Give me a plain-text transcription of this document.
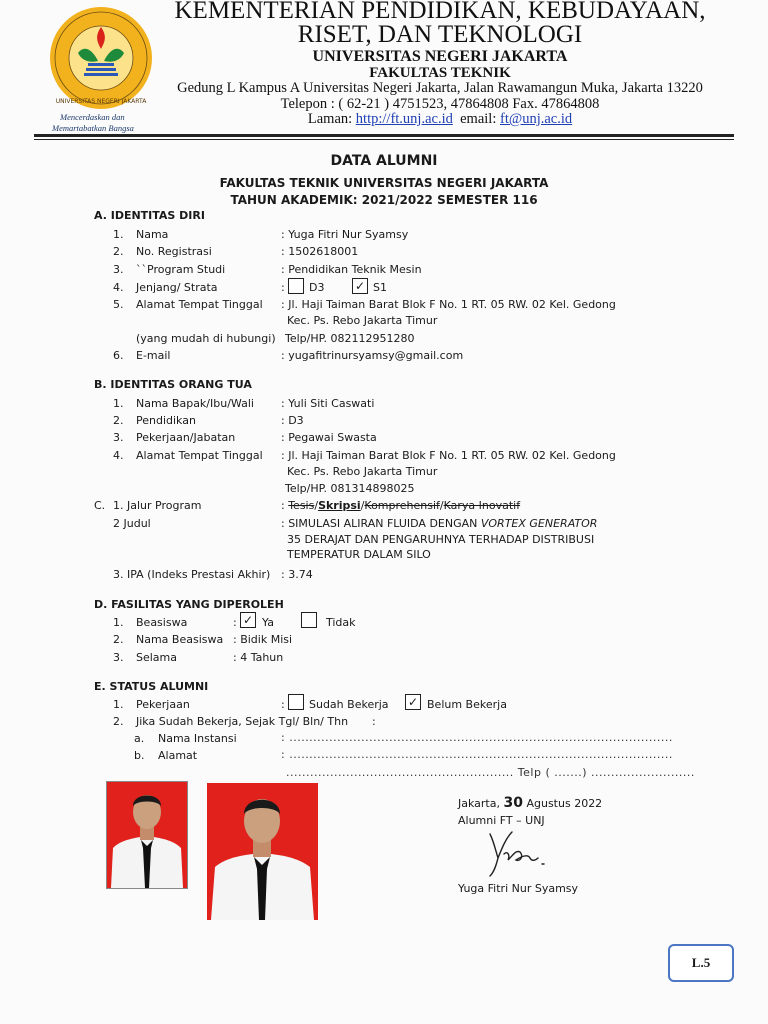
UNIVERSITAS NEGERI JAKARTA
Mencerdaskan dan
Memartabatkan Bangsa
KEMENTERIAN PENDIDIKAN, KEBUDAYAAN,
RISET, DAN TEKNOLOGI
UNIVERSITAS NEGERI JAKARTA
FAKULTAS TEKNIK
Gedung L Kampus A Universitas Negeri Jakarta, Jalan Rawamangun Muka, Jakarta 13220
Telepon : ( 62-21 ) 4751523, 47864808 Fax. 47864808
Laman: http://ft.unj.ac.id  email: ft@unj.ac.id
DATA ALUMNI
FAKULTAS TEKNIK UNIVERSITAS NEGERI JAKARTA
TAHUN AKADEMIK: 2021/2022 SEMESTER 116
A. IDENTITAS DIRI
1. Nama	: Yuga Fitri Nur Syamsy
2. No. Registrasi	: 1502618001
3. ``Program Studi	: Pendidikan Teknik Mesin
4. Jenjang/ Strata	: D3	✓ S1
5. Alamat Tempat Tinggal : Jl. Haji Taiman Barat Blok F No. 1 RT. 05 RW. 02 Kel. Gedong
Kec. Ps. Rebo Jakarta Timur
(yang mudah di hubungi) Telp/HP. 082112951280
6. E-mail	: yugafitrinursyamsy@gmail.com
B. IDENTITAS ORANG TUA
1. Nama Bapak/Ibu/Wali : Yuli Siti Caswati
2. Pendidikan	: D3
3. Pekerjaan/Jabatan	: Pegawai Swasta
4. Alamat Tempat Tinggal : Jl. Haji Taiman Barat Blok F No. 1 RT. 05 RW. 02 Kel. Gedong
Kec. Ps. Rebo Jakarta Timur
Telp/HP. 081314898025
C. 1. Jalur Program	: Tesis/Skripsi/Komprehensif/Karya Inovatif
2 Judul	: SIMULASI ALIRAN FLUIDA DENGAN VORTEX GENERATOR
35 DERAJAT DAN PENGARUHNYA TERHADAP DISTRIBUSI
TEMPERATUR DALAM SILO
3. IPA (Indeks Prestasi Akhir) : 3.74
D. FASILITAS YANG DIPEROLEH
1. Beasiswa	: ✓ Ya	Tidak
2. Nama Beasiswa : Bidik Misi
3. Selama	: 4 Tahun
E. STATUS ALUMNI
1. Pekerjaan	: Sudah Bekerja ✓ Belum Bekerja
2. Jika Sudah Bekerja, Sejak Tgl/ Bln/ Thn :
a. Nama Instansi	: ................................................................................................
b. Alamat	: ................................................................................................
......................................................... Telp ( .......) ..........................
Jakarta, 30 Agustus 2022
Alumni FT – UNJ
Yuga Fitri Nur Syamsy
L.5
